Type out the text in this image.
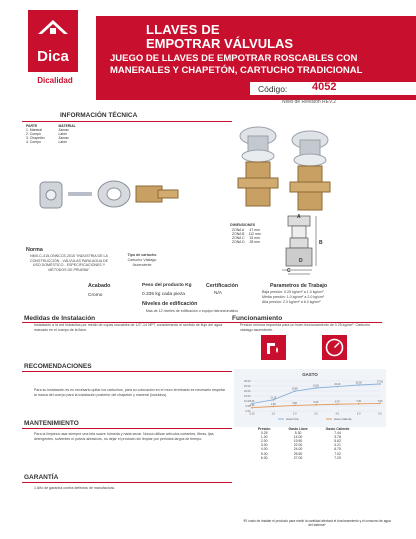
Dica
Dicalidad
LLAVES DE
EMPOTRAR VÁLVULAS
JUEGO DE LLAVES DE EMPOTRAR ROSCABLES CON MANERALES Y CHAPETÓN, CARTUCHO TRADICIONAL
Código: 4052
Nivel de Revisión REV.2
INFORMACIÓN TÉCNICA
PARTE	MATERIAL
1. Maneral	Zamac
2. Cuerpo	Latón
3. Chapetón	Zamac
4. Cuerpo	Latón
A
B
C
D
DIMENSIONES
ZONA A	47 mm
ZONA B	112 mm
ZONA C	33 mm
ZONA D	28 mm
Norma
NMX-C-415-ONNCCE-2015 "INDUSTRIA DE LA CONSTRUCCIÓN - VÁLVULAS PARA AGUA DE USO DOMÉSTICO - ESPECIFICACIONES Y MÉTODOS DE PRUEBA"
Tipo de cartucho
Cartucho Vástago Ascendente
Acabado
Cromo
Peso del producto Kg
0.335 kg cada pieza
Certificación
N/A
Parametros de Trabajo
Baja presión: 0.25 kg/cm² a 1.0 kg/cm²
Media presión: 1.0 kg/cm² a 2.0 kg/cm²
Alta presión: 2.0 kg/cm² a 6.0 kg/cm²
Niveles de edificación
Mas de 12 niveles de edificación o equipo hidroneumático
Medidas de Instalación
Instalación a la red hidráulica por medio de copas roscables de 1/2"-14 NPT, considerando el sentido de flujo del agua marcado en el cuerpo de la llave.
Funcionamiento
Presión mínima requerida para un buen funcionamiento de 0.25 kg/cm². Cartucho vástago ascendente.
RECOMENDACIONES
Para su instalación es es necesario quitar los cartuchos, para su colocación en el muro terminado es necesario respetar la marca del cuerpo para la instalación posterior del chapetón y maneral (incluidos).
MANTENIMIENTO
Para la limpieza usar siempre una tela suave húmeda y nada secar. Nunca utilizar artículos cortantes, fibras, ljas, detergentes, solventes ni polvos abrasivos, no dejar el producto sin limpiar por periodos largos de tiempo.
GARANTÍA
1 Año de garantía contra defectos de manufactura.
GASTO
0.00
5.00
10.00
15.00
20.00
25.00
30.00
0.25	1.0	2.0	3.0	4.0	5.0	6.0
7.44
11.15
19.80
23.00	24.40
26.00	27.00
Llave Fría
3.30	4.50	5.60	6.20	6.75	7.20	7.60
Llave Caliente
Presión	Gasto Llave	Gasto Caliente
0.25	5.30	7.44
1.00	14.00	3.78
2.00	19.50	5.62
3.00	22.00	4.21
4.00	24.00	6.75
5.00	25.50	7.02
6.00	27.00	7.29
*El costo de instalar el producto para medir la cantidad afectará el funcionamiento y el consumo de agua del sistema*
